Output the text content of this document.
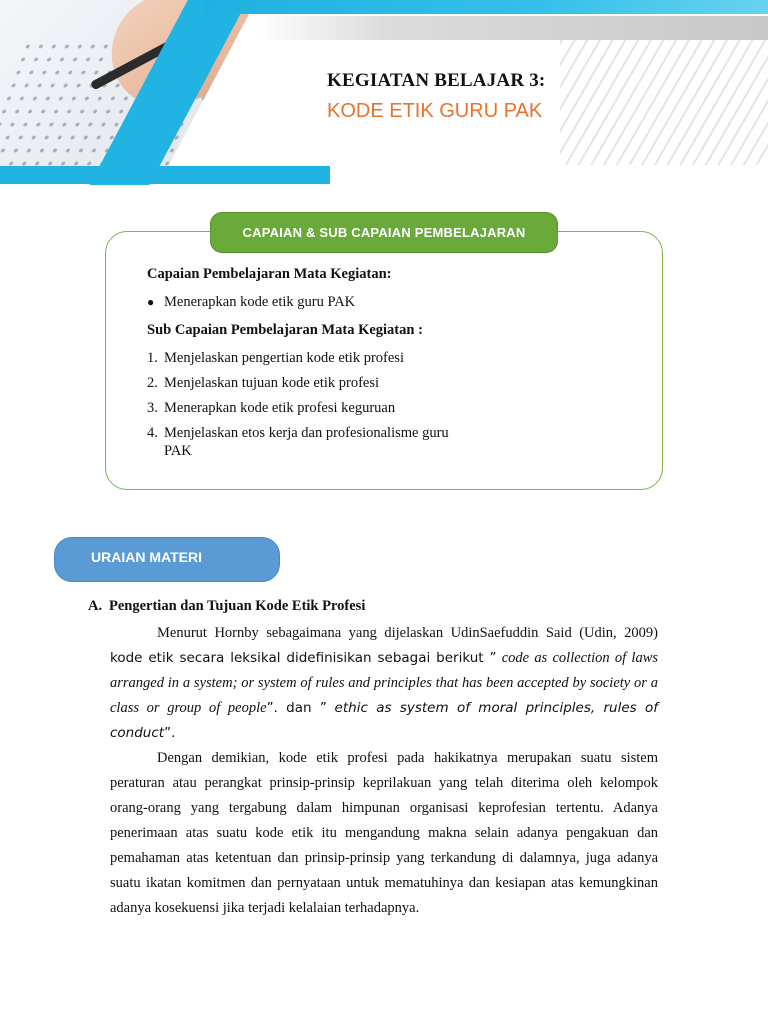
KEGIATAN BELAJAR 3:
KODE ETIK GURU PAK
CAPAIAN & SUB CAPAIAN PEMBELAJARAN
Capaian Pembelajaran Mata Kegiatan:
● Menerapkan kode etik guru PAK
Sub Capaian Pembelajaran Mata Kegiatan :
1. Menjelaskan pengertian kode etik profesi
2. Menjelaskan tujuan kode etik profesi
3. Menerapkan kode etik profesi keguruan
4. Menjelaskan etos kerja dan profesionalisme guru PAK
URAIAN MATERI
A. Pengertian dan Tujuan Kode Etik Profesi

Menurut Hornby sebagaimana yang dijelaskan UdinSaefuddin Said (Udin, 2009) kode etik secara leksikal didefinisikan sebagai berikut ” code as collection of laws arranged in a system; or system of rules and principles that has been accepted by society or a class or group of people”. dan ” ethic as system of moral principles, rules of conduct”.

Dengan demikian, kode etik profesi pada hakikatnya merupakan suatu sistem peraturan atau perangkat prinsip-prinsip keprilakuan yang telah diterima oleh kelompok orang-orang yang tergabung dalam himpunan organisasi keprofesian tertentu. Adanya penerimaan atas suatu kode etik itu mengandung makna selain adanya pengakuan dan pemahaman atas ketentuan dan prinsip-prinsip yang terkandung di dalamnya, juga adanya suatu ikatan komitmen dan pernyataan untuk mematuhinya dan kesiapan atas kemungkinan adanya kosekuensi jika terjadi kelalaian terhadapnya.
